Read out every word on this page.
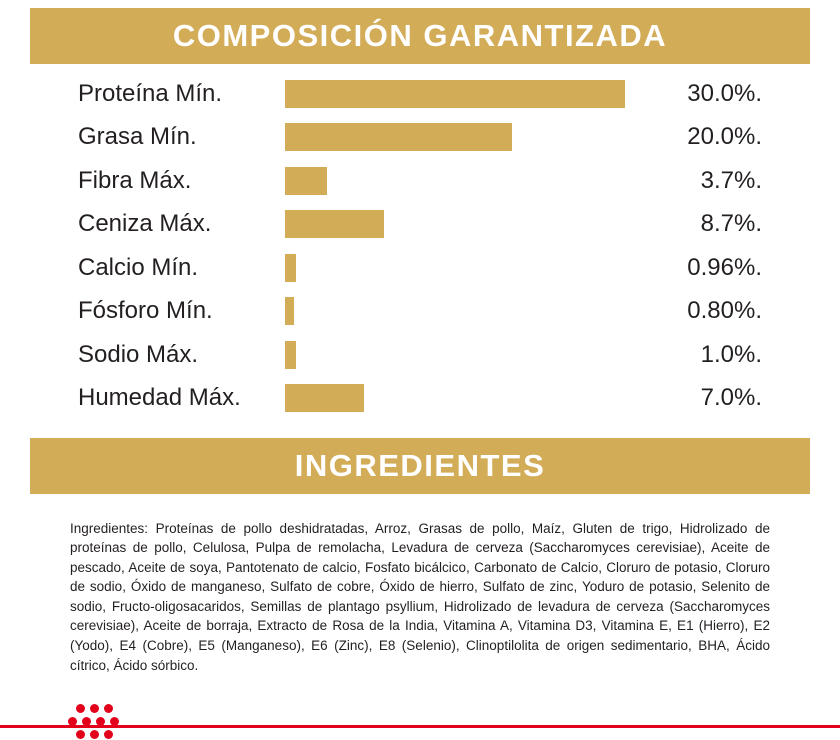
COMPOSICIÓN GARANTIZADA
Proteína Mín.	30.0%.
Grasa Mín.	20.0%.
Fibra Máx.	3.7%.
Ceniza Máx.	8.7%.
Calcio Mín.	0.96%.
Fósforo Mín.	0.80%.
Sodio Máx.	1.0%.
Humedad Máx.	7.0%.
INGREDIENTES

Ingredientes: Proteínas de pollo deshidratadas, Arroz, Grasas de pollo, Maíz, Gluten de trigo, Hidrolizado de proteínas de pollo, Celulosa, Pulpa de remolacha, Levadura de cerveza (Saccharomyces cerevisiae), Aceite de pescado, Aceite de soya, Pantotenato de calcio, Fosfato bicálcico, Carbonato de Calcio, Cloruro de potasio, Cloruro de sodio, Óxido de manganeso, Sulfato de cobre, Óxido de hierro, Sulfato de zinc, Yoduro de potasio, Selenito de sodio, Fructo-oligosacaridos, Semillas de plantago psyllium, Hidrolizado de levadura de cerveza (Saccharomyces cerevisiae), Aceite de borraja, Extracto de Rosa de la India, Vitamina A, Vitamina D3, Vitamina E, E1 (Hierro), E2 (Yodo), E4 (Cobre), E5 (Manganeso), E6 (Zinc), E8 (Selenio), Clinoptilolita de origen sedimentario, BHA, Ácido cítrico, Ácido sórbico.
